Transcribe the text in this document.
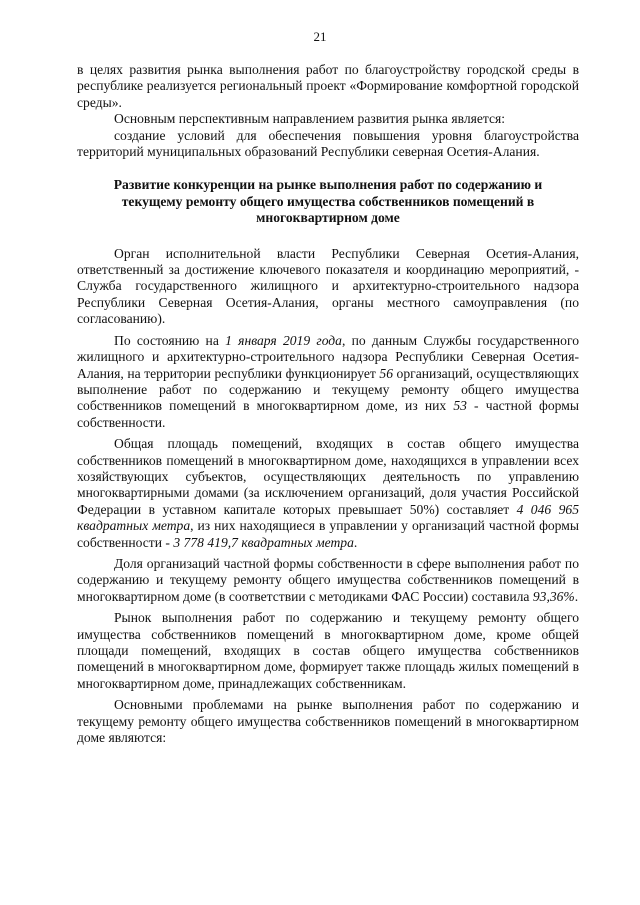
21

в целях развития рынка выполнения работ по благоустройству городской среды в республике реализуется региональный проект «Формирование комфортной городской среды».

Основным перспективным направлением развития рынка является:

создание условий для обеспечения повышения уровня благоустройства территорий муниципальных образований Республики северная Осетия-Алания.

Развитие конкуренции на рынке выполнения работ по содержанию и текущему ремонту общего имущества собственников помещений в многоквартирном доме

Орган исполнительной власти Республики Северная Осетия-Алания, ответственный за достижение ключевого показателя и координацию мероприятий, - Служба государственного жилищного и архитектурно-строительного надзора Республики Северная Осетия-Алания, органы местного самоуправления (по согласованию).

По состоянию на 1 января 2019 года, по данным Службы государственного жилищного и архитектурно-строительного надзора Республики Северная Осетия-Алания, на территории республики функционирует 56 организаций, осуществляющих выполнение работ по содержанию и текущему ремонту общего имущества собственников помещений в многоквартирном доме, из них 53 - частной формы собственности.

Общая площадь помещений, входящих в состав общего имущества собственников помещений в многоквартирном доме, находящихся в управлении всех хозяйствующих субъектов, осуществляющих деятельность по управлению многоквартирными домами (за исключением организаций, доля участия Российской Федерации в уставном капитале которых превышает 50%) составляет 4 046 965 квадратных метра, из них находящиеся в управлении у организаций частной формы собственности - 3 778 419,7 квадратных метра.

Доля организаций частной формы собственности в сфере выполнения работ по содержанию и текущему ремонту общего имущества собственников помещений в многоквартирном доме (в соответствии с методиками ФАС России) составила 93,36%.

Рынок выполнения работ по содержанию и текущему ремонту общего имущества собственников помещений в многоквартирном доме, кроме общей площади помещений, входящих в состав общего имущества собственников помещений в многоквартирном доме, формирует также площадь жилых помещений в многоквартирном доме, принадлежащих собственникам.

Основными проблемами на рынке выполнения работ по содержанию и текущему ремонту общего имущества собственников помещений в многоквартирном доме являются:
